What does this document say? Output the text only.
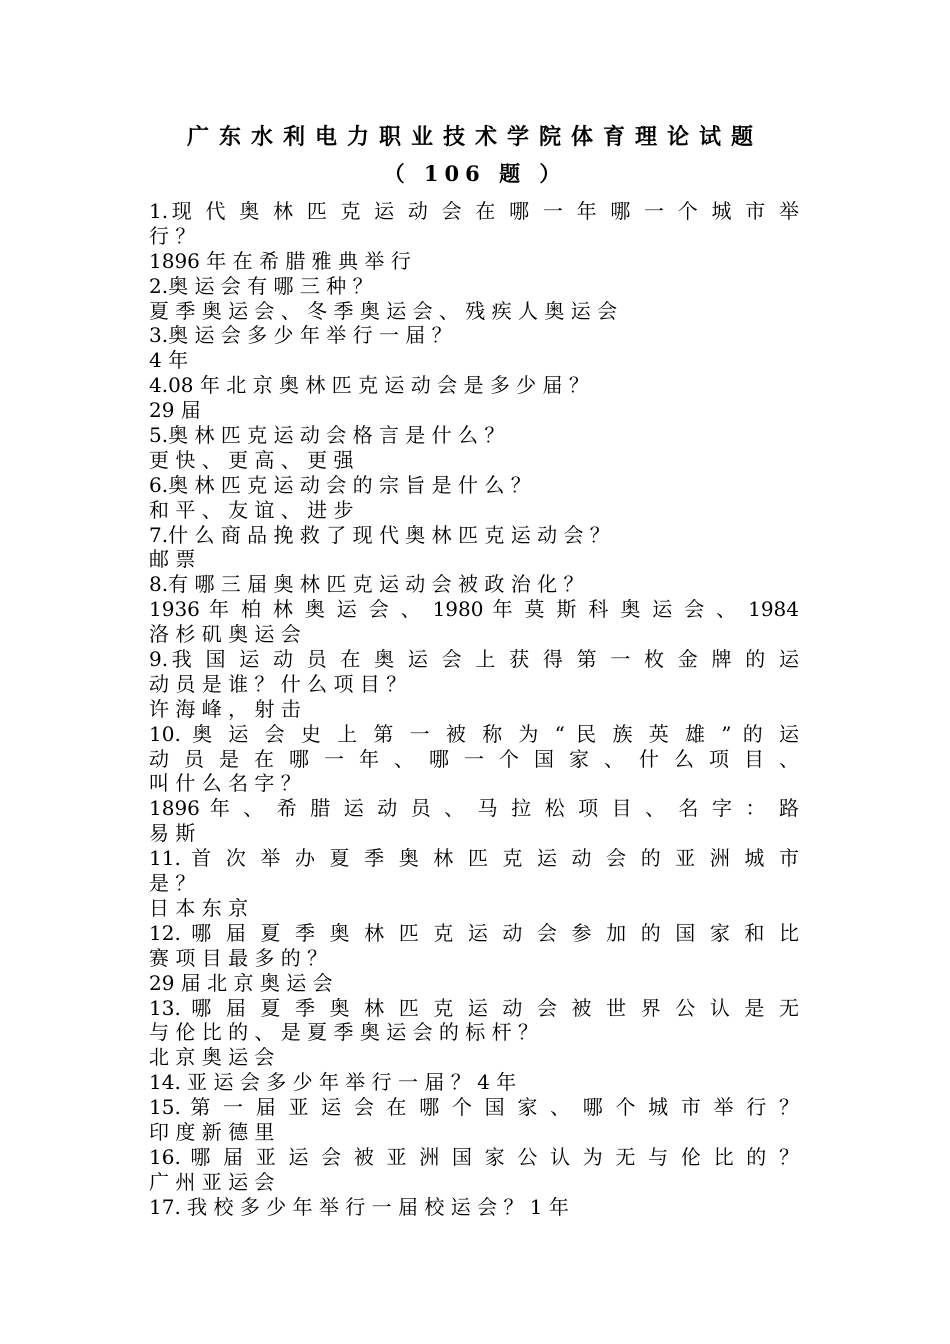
广东水利电力职业技术学院体育理论试题
（ 106 题 ）
1.现 代 奥 林 匹 克 运 动 会 在 哪 一 年 哪 一 个 城 市 举
行 ？
1896 年 在 希 腊 雅 典 举 行
2.奥 运 会 有 哪 三 种 ？
夏 季 奥 运 会 、 冬 季 奥 运 会 、 残 疾 人 奥 运 会
3.奥 运 会 多 少 年 举 行 一 届 ？
4 年
4.08 年 北 京 奥 林 匹 克 运 动 会 是 多 少 届 ？
29 届
5.奥 林 匹 克 运 动 会 格 言 是 什 么 ？
更 快 、 更 高 、 更 强
6.奥 林 匹 克 运 动 会 的 宗 旨 是 什 么 ？
和 平 、 友 谊 、 进 步
7.什 么 商 品 挽 救 了 现 代 奥 林 匹 克 运 动 会 ？
邮 票
8.有 哪 三 届 奥 林 匹 克 运 动 会 被 政 治 化 ？
1936 年 柏 林 奥 运 会 、 1980 年 莫 斯 科 奥 运 会 、 1984
洛 杉 矶 奥 运 会
9.我 国 运 动 员 在 奥 运 会 上 获 得 第 一 枚 金 牌 的 运
动 员 是 谁 ？ 什 么 项 目 ？
许 海 峰 ， 射 击
10. 奥 运 会 史 上 第 一 被 称 为 “ 民 族 英 雄 ” 的 运
动 员 是 在 哪 一 年 、 哪 一 个 国 家 、 什 么 项 目 、
叫 什 么 名 字 ？
1896 年 、 希 腊 运 动 员 、 马 拉 松 项 目 、 名 字 ： 路
易 斯
11. 首 次 举 办 夏 季 奥 林 匹 克 运 动 会 的 亚 洲 城 市
是 ？
日 本 东 京
12. 哪 届 夏 季 奥 林 匹 克 运 动 会 参 加 的 国 家 和 比
赛 项 目 最 多 的 ？
29 届 北 京 奥 运 会
13. 哪 届 夏 季 奥 林 匹 克 运 动 会 被 世 界 公 认 是 无
与 伦 比 的 、 是 夏 季 奥 运 会 的 标 杆 ？
北 京 奥 运 会
14. 亚 运 会 多 少 年 举 行 一 届 ？ 4 年
15. 第 一 届 亚 运 会 在 哪 个 国 家 、 哪 个 城 市 举 行 ？
印 度 新 德 里
16. 哪 届 亚 运 会 被 亚 洲 国 家 公 认 为 无 与 伦 比 的 ？
广 州 亚 运 会
17. 我 校 多 少 年 举 行 一 届 校 运 会 ？ 1 年
